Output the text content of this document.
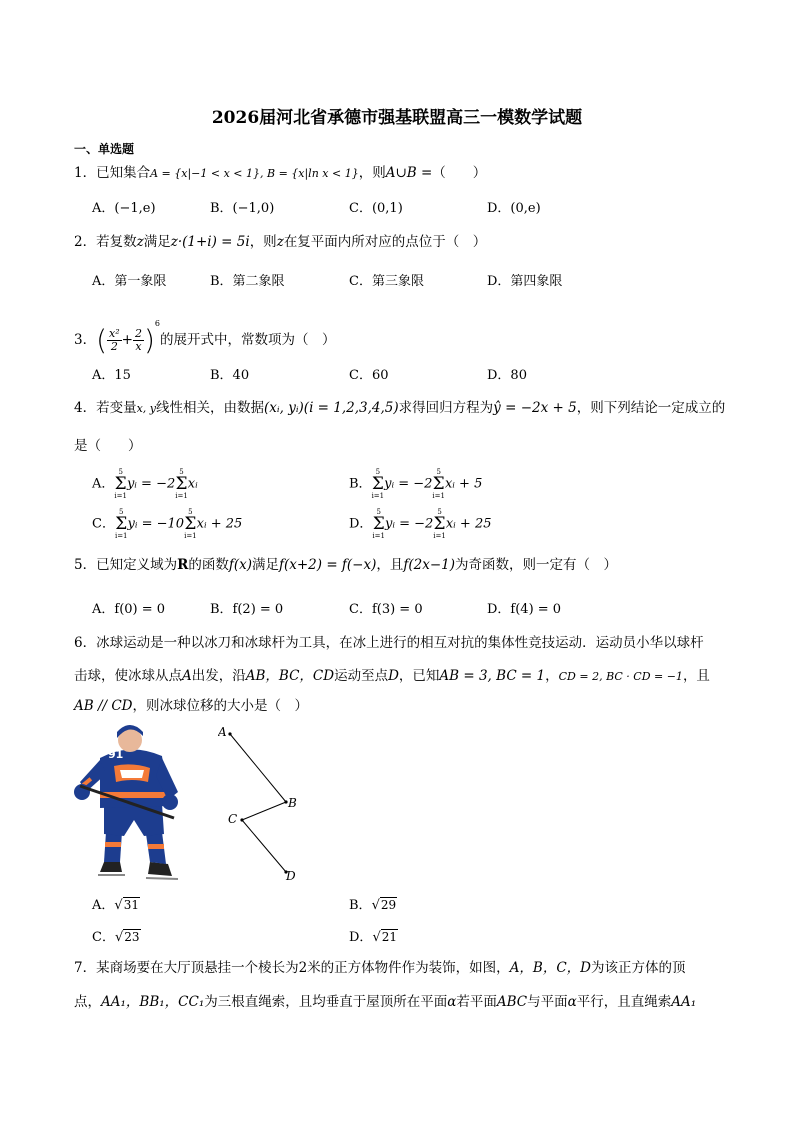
2026届河北省承德市强基联盟高三一模数学试题
一、单选题
1．已知集合A = {x|−1 < x < 1}, B = {x|ln x < 1}，则A∪B =（　　）
A．(−1,e)	B．(−1,0)	C．(0,1)	D．(0,e)
2．若复数z满足z·(1+i) = 5i，则z在复平面内所对应的点位于（　）
A．第一象限	B．第二象限	C．第三象限	D．第四象限
3．( $\frac{\text{x²}}{2} + \frac{2}{x} )^6$的展开式中，常数项为（　）
A．15	B．40	C．60	D．80
4．若变量x, y线性相关，由数据(xᵢ, yᵢ)(i = 1,2,3,4,5)求得回归方程为ŷ = −2x + 5，则下列结论一定成立的
是（　　）
A．5
Σ
i=1yᵢ = −25
Σ
i=1xᵢ	B．5
Σ
i=1yᵢ = −25
Σ
i=1xᵢ + 5
C．5
Σ
i=1yᵢ = −105
Σ
i=1xᵢ + 25	D．5
Σ
i=1yᵢ = −25
Σ
i=1xᵢ + 25
5．已知定义域为R的函数f(x)满足f(x+2) = f(−x)，且f(2x−1)为奇函数，则一定有（　）
A．f(0) = 0	B．f(2) = 0	C．f(3) = 0	D．f(4) = 0
6．冰球运动是一种以冰刀和冰球杆为工具，在冰上进行的相互对抗的集体性竞技运动．运动员小华以球杆
击球，使冰球从点A出发，沿AB，BC，CD运动至点D，已知AB = 3, BC = 1，CD = 2, BC · CD = −1，且
AB // CD，则冰球位移的大小是（　）
91
A
B
C
D
A．√31	B．√29
C．√23	D．√21
7．某商场要在大厅顶悬挂一个棱长为2米的正方体物件作为装饰，如图，A，B，C，D为该正方体的顶
点，AA₁，BB₁，CC₁为三根直绳索，且均垂直于屋顶所在平面α若平面ABC与平面α平行，且直绳索AA₁
